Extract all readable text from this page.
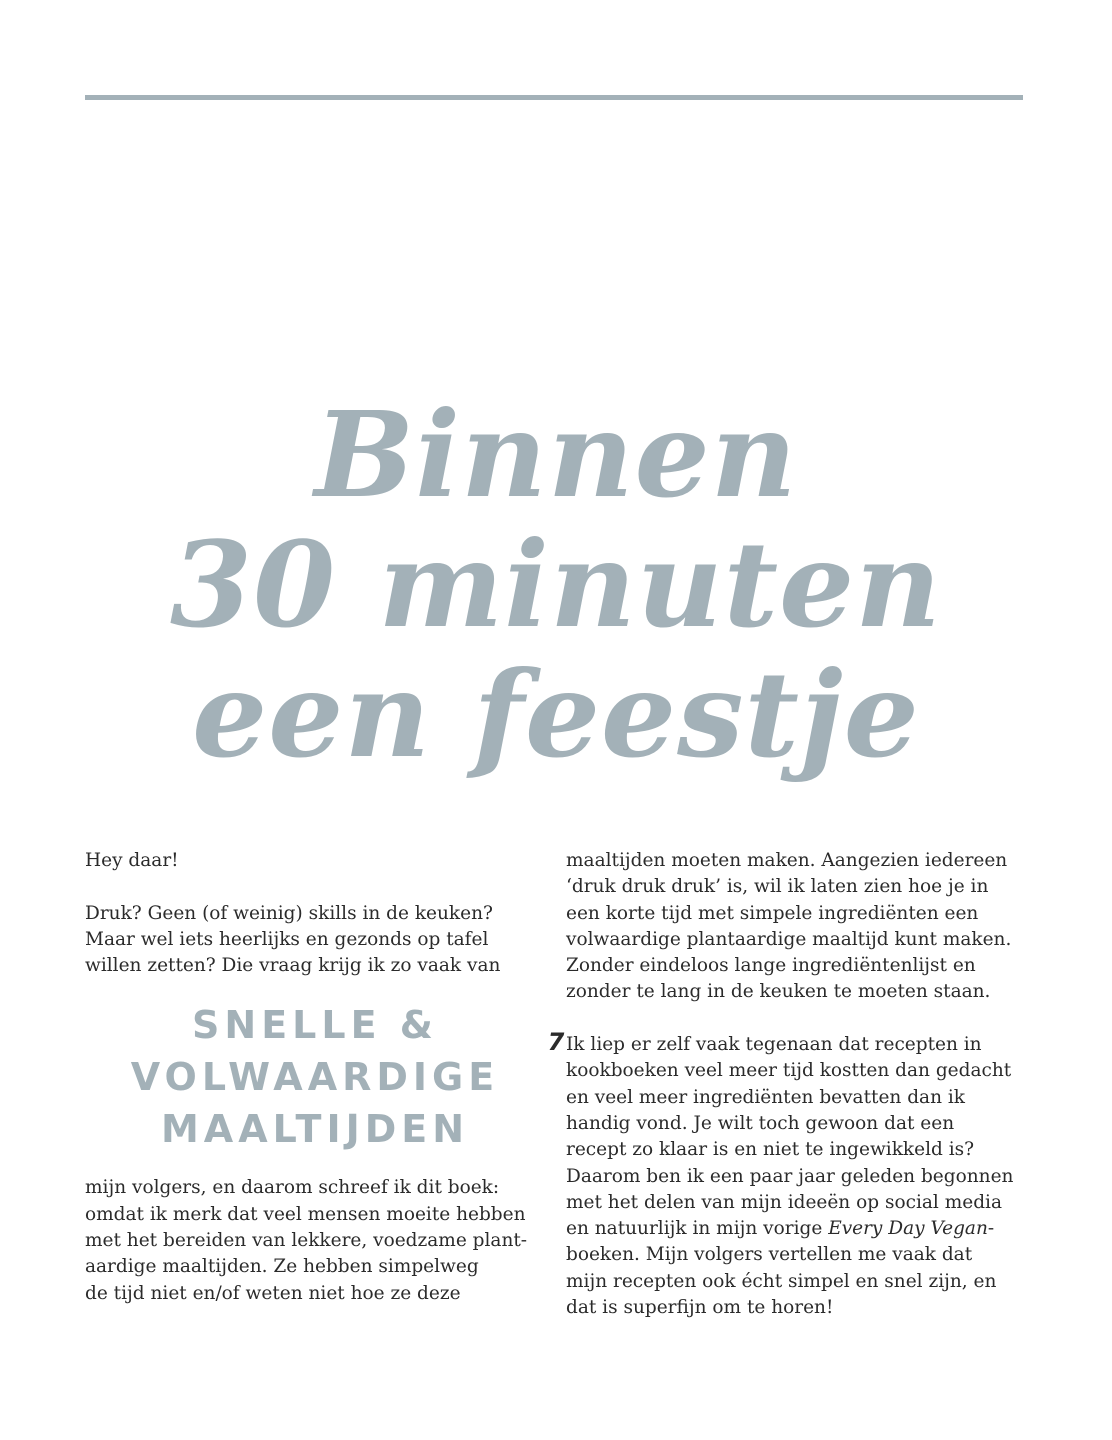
Binnen
30 minuten
een feestje

Hey daar!

Druk? Geen (of weinig) skills in de keuken?

Maar wel iets heerlijks en gezonds op tafel

willen zetten? Die vraag krijg ik zo vaak van

SNELLE &
VOLWAARDIGE
MAALTIJDEN

mijn volgers, en daarom schreef ik dit boek:

omdat ik merk dat veel mensen moeite hebben

met het bereiden van lekkere, voedzame plant-

aardige maaltijden. Ze hebben simpelweg

de tijd niet en/of weten niet hoe ze deze

maaltijden moeten maken. Aangezien iedereen

‘druk druk druk’ is, wil ik laten zien hoe je in

een korte tijd met simpele ingrediënten een

volwaardige plantaardige maaltijd kunt maken.

Zonder eindeloos lange ingrediëntenlijst en

zonder te lang in de keuken te moeten staan.

Ik liep er zelf vaak tegenaan dat recepten in

kookboeken veel meer tijd kostten dan gedacht

en veel meer ingrediënten bevatten dan ik

handig vond. Je wilt toch gewoon dat een

recept zo klaar is en niet te ingewikkeld is?

Daarom ben ik een paar jaar geleden begonnen

met het delen van mijn ideeën op social media

en natuurlijk in mijn vorige Every Day Vegan-

boeken. Mijn volgers vertellen me vaak dat

mijn recepten ook écht simpel en snel zijn, en

dat is superfijn om te horen!

7
